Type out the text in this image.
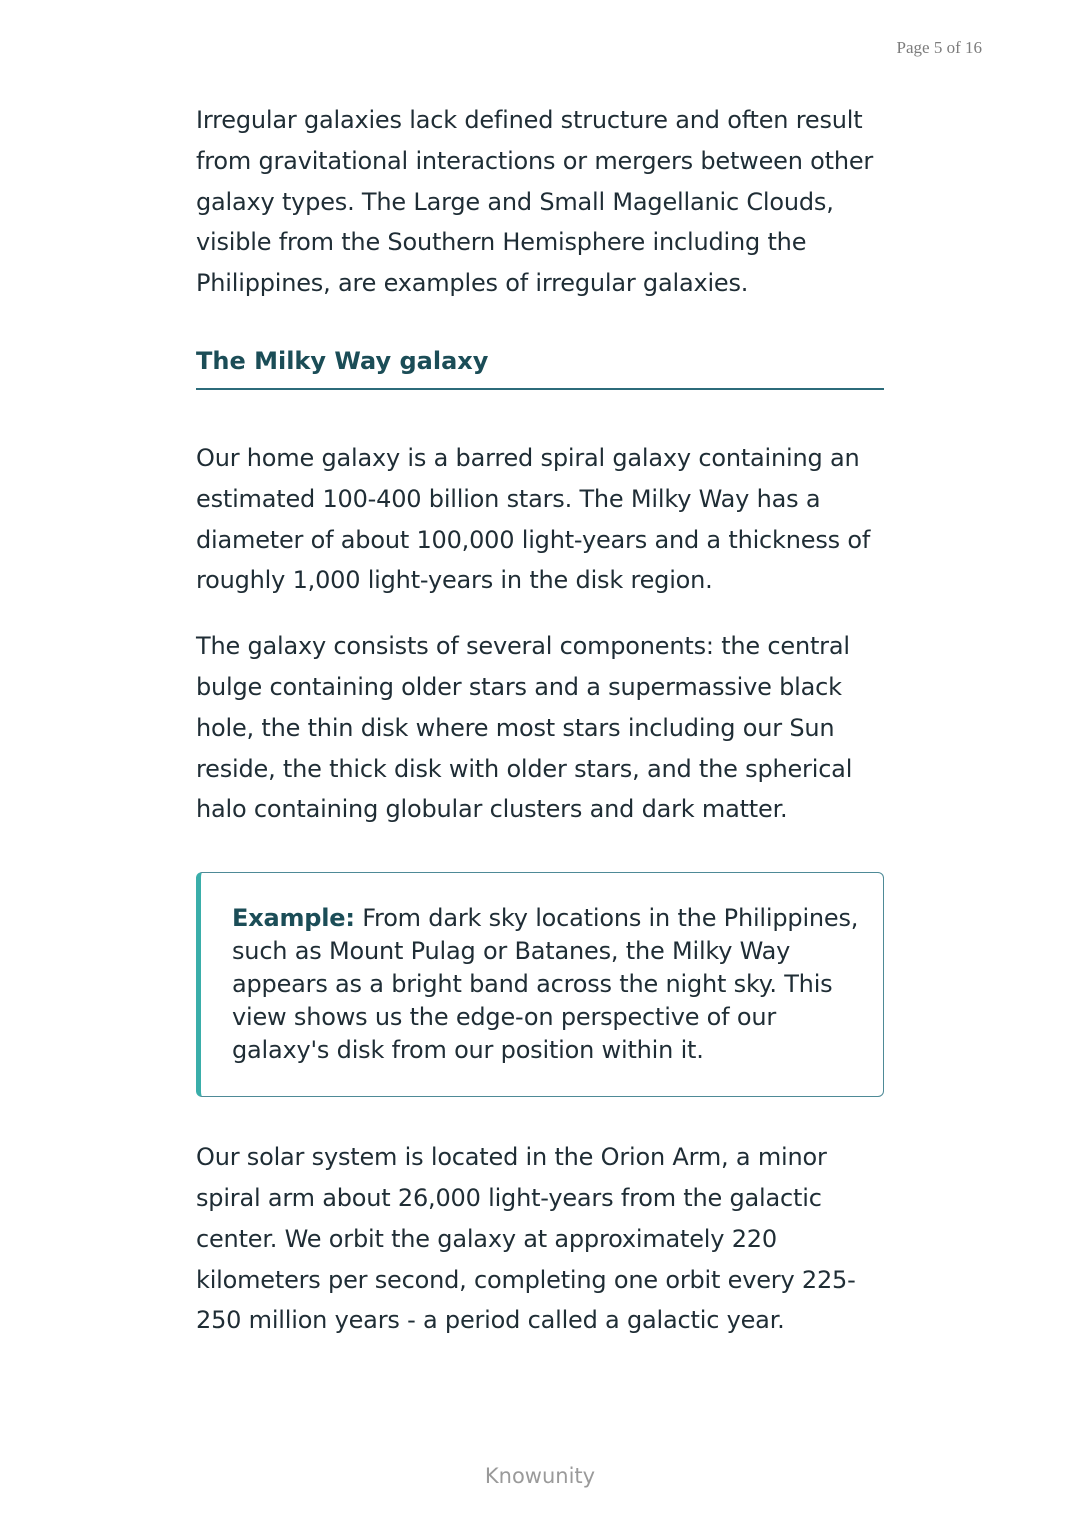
Page 5 of 16

Irregular galaxies lack defined structure and often result from gravitational interactions or mergers between other galaxy types. The Large and Small Magellanic Clouds, visible from the Southern Hemisphere including the Philippines, are examples of irregular galaxies.

The Milky Way galaxy

Our home galaxy is a barred spiral galaxy containing an estimated 100-400 billion stars. The Milky Way has a diameter of about 100,000 light-years and a thickness of roughly 1,000 light-years in the disk region.

The galaxy consists of several components: the central bulge containing older stars and a supermassive black hole, the thin disk where most stars including our Sun reside, the thick disk with older stars, and the spherical halo containing globular clusters and dark matter.

Example: From dark sky locations in the Philippines, such as Mount Pulag or Batanes, the Milky Way appears as a bright band across the night sky. This view shows us the edge-on perspective of our galaxy's disk from our position within it.

Our solar system is located in the Orion Arm, a minor spiral arm about 26,000 light-years from the galactic center. We orbit the galaxy at approximately 220 kilometers per second, completing one orbit every 225-250 million years - a period called a galactic year.

Knowunity
